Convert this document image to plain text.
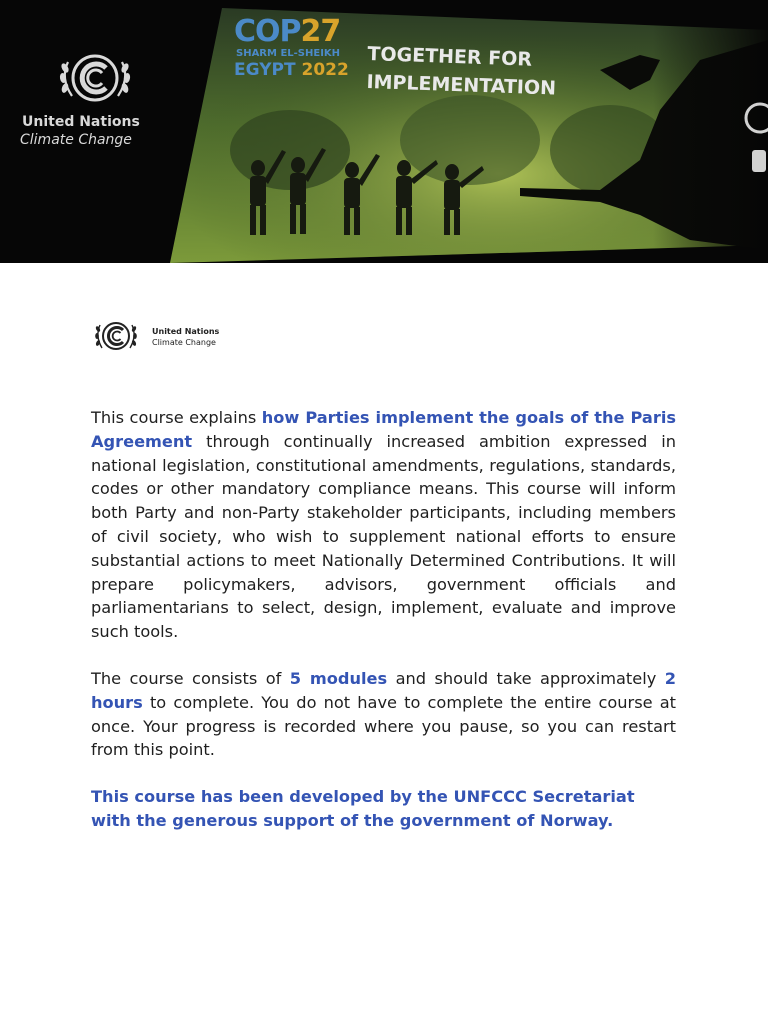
United Nations
Climate Change
COP27
SHARM EL-SHEIKH
EGYPT 2022 TOGETHER FOR
IMPLEMENTATION
United Nations
Climate Change

This course explains how Parties implement the goals of the Paris Agreement through continually increased ambition expressed in national legislation, constitutional amendments, regulations, standards, codes or other mandatory compliance means. This course will inform both Party and non-Party stakeholder participants, including members of civil society, who wish to supplement national efforts to ensure substantial actions to meet Nationally Determined Contributions. It will prepare policymakers, advisors, government officials and parliamentarians to select, design, implement, evaluate and improve such tools.

The course consists of 5 modules and should take approximately 2 hours to complete. You do not have to complete the entire course at once. Your progress is recorded where you pause, so you can restart from this point.

This course has been developed by the UNFCCC Secretariat with the generous support of the government of Norway.
